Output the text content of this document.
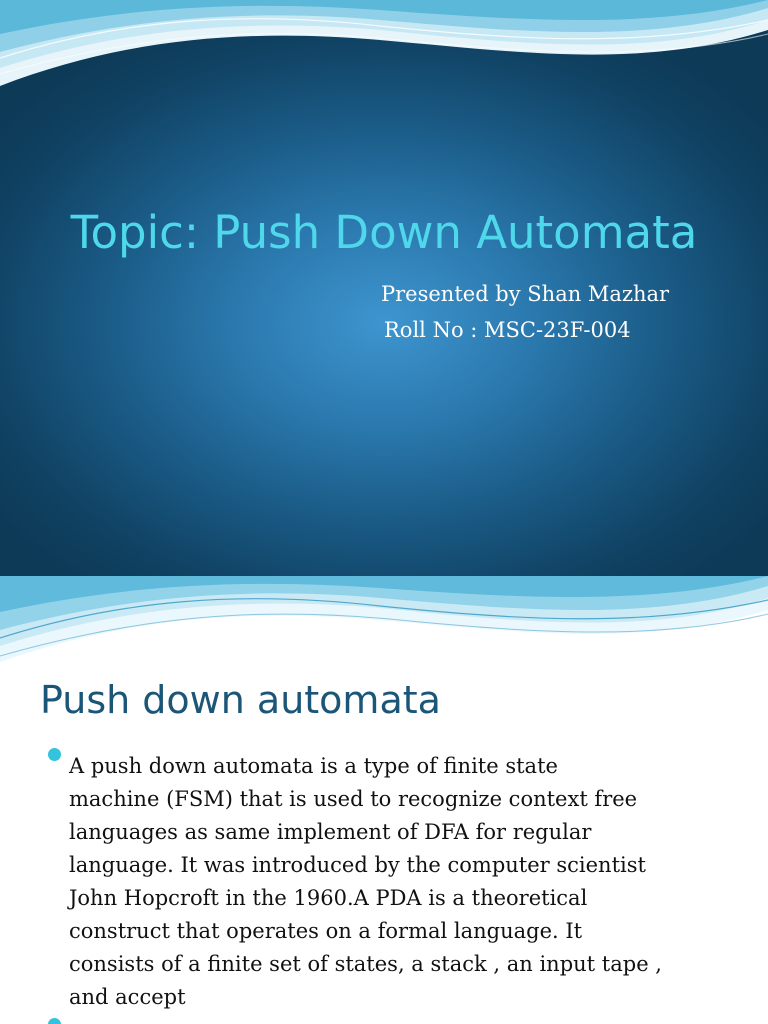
Topic: Push Down Automata
Presented by Shan Mazhar
Roll No : MSC-23F-004
Push down automata
A push down automata is a type of finite state
machine (FSM) that is used to recognize context free
languages as same implement of DFA for regular
language. It was introduced by the computer scientist
John Hopcroft in the 1960.A PDA is a theoretical
construct that operates on a formal language. It
consists of a finite set of states, a stack , an input tape ,
and accept
